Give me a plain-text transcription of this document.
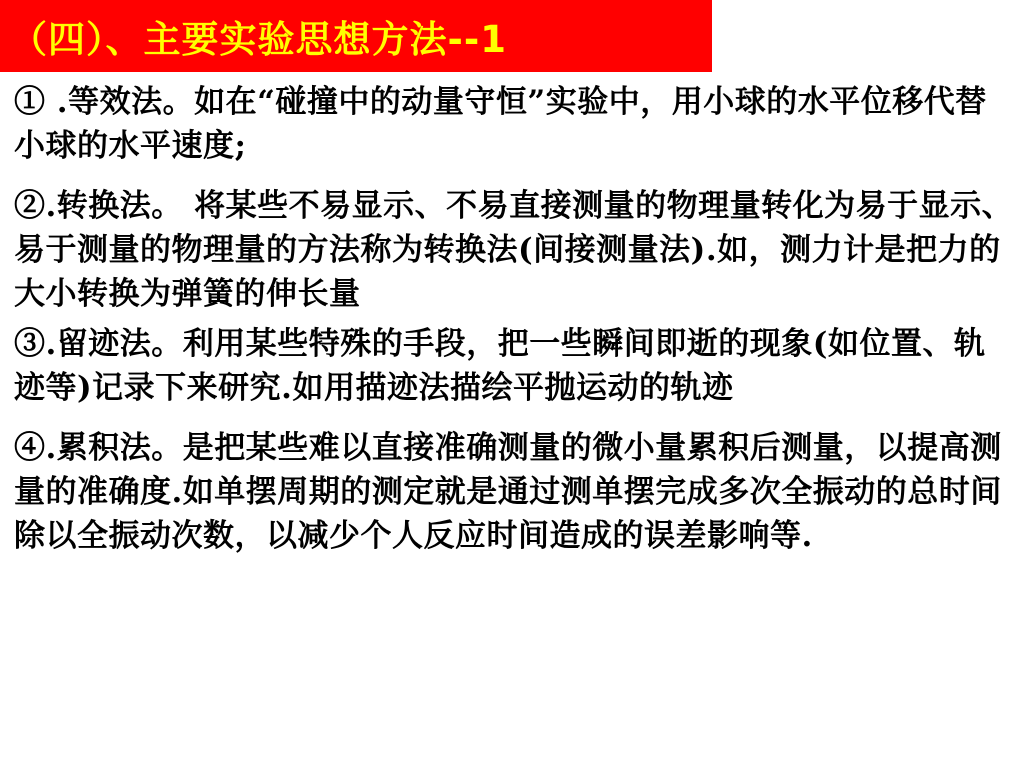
（四）、主要实验思想方法--1

① .等效法。如在“碰撞中的动量守恒”实验中，用小球的水平位移代替小球的水平速度;

②.转换法。 将某些不易显示、不易直接测量的物理量转化为易于显示、易于测量的物理量的方法称为转换法(间接测量法).如，测力计是把力的大小转换为弹簧的伸长量

③.留迹法。利用某些特殊的手段，把一些瞬间即逝的现象(如位置、轨迹等)记录下来研究.如用描迹法描绘平抛运动的轨迹

④.累积法。是把某些难以直接准确测量的微小量累积后测量，以提高测量的准确度.如单摆周期的测定就是通过测单摆完成多次全振动的总时间除以全振动次数，以减少个人反应时间造成的误差影响等.
